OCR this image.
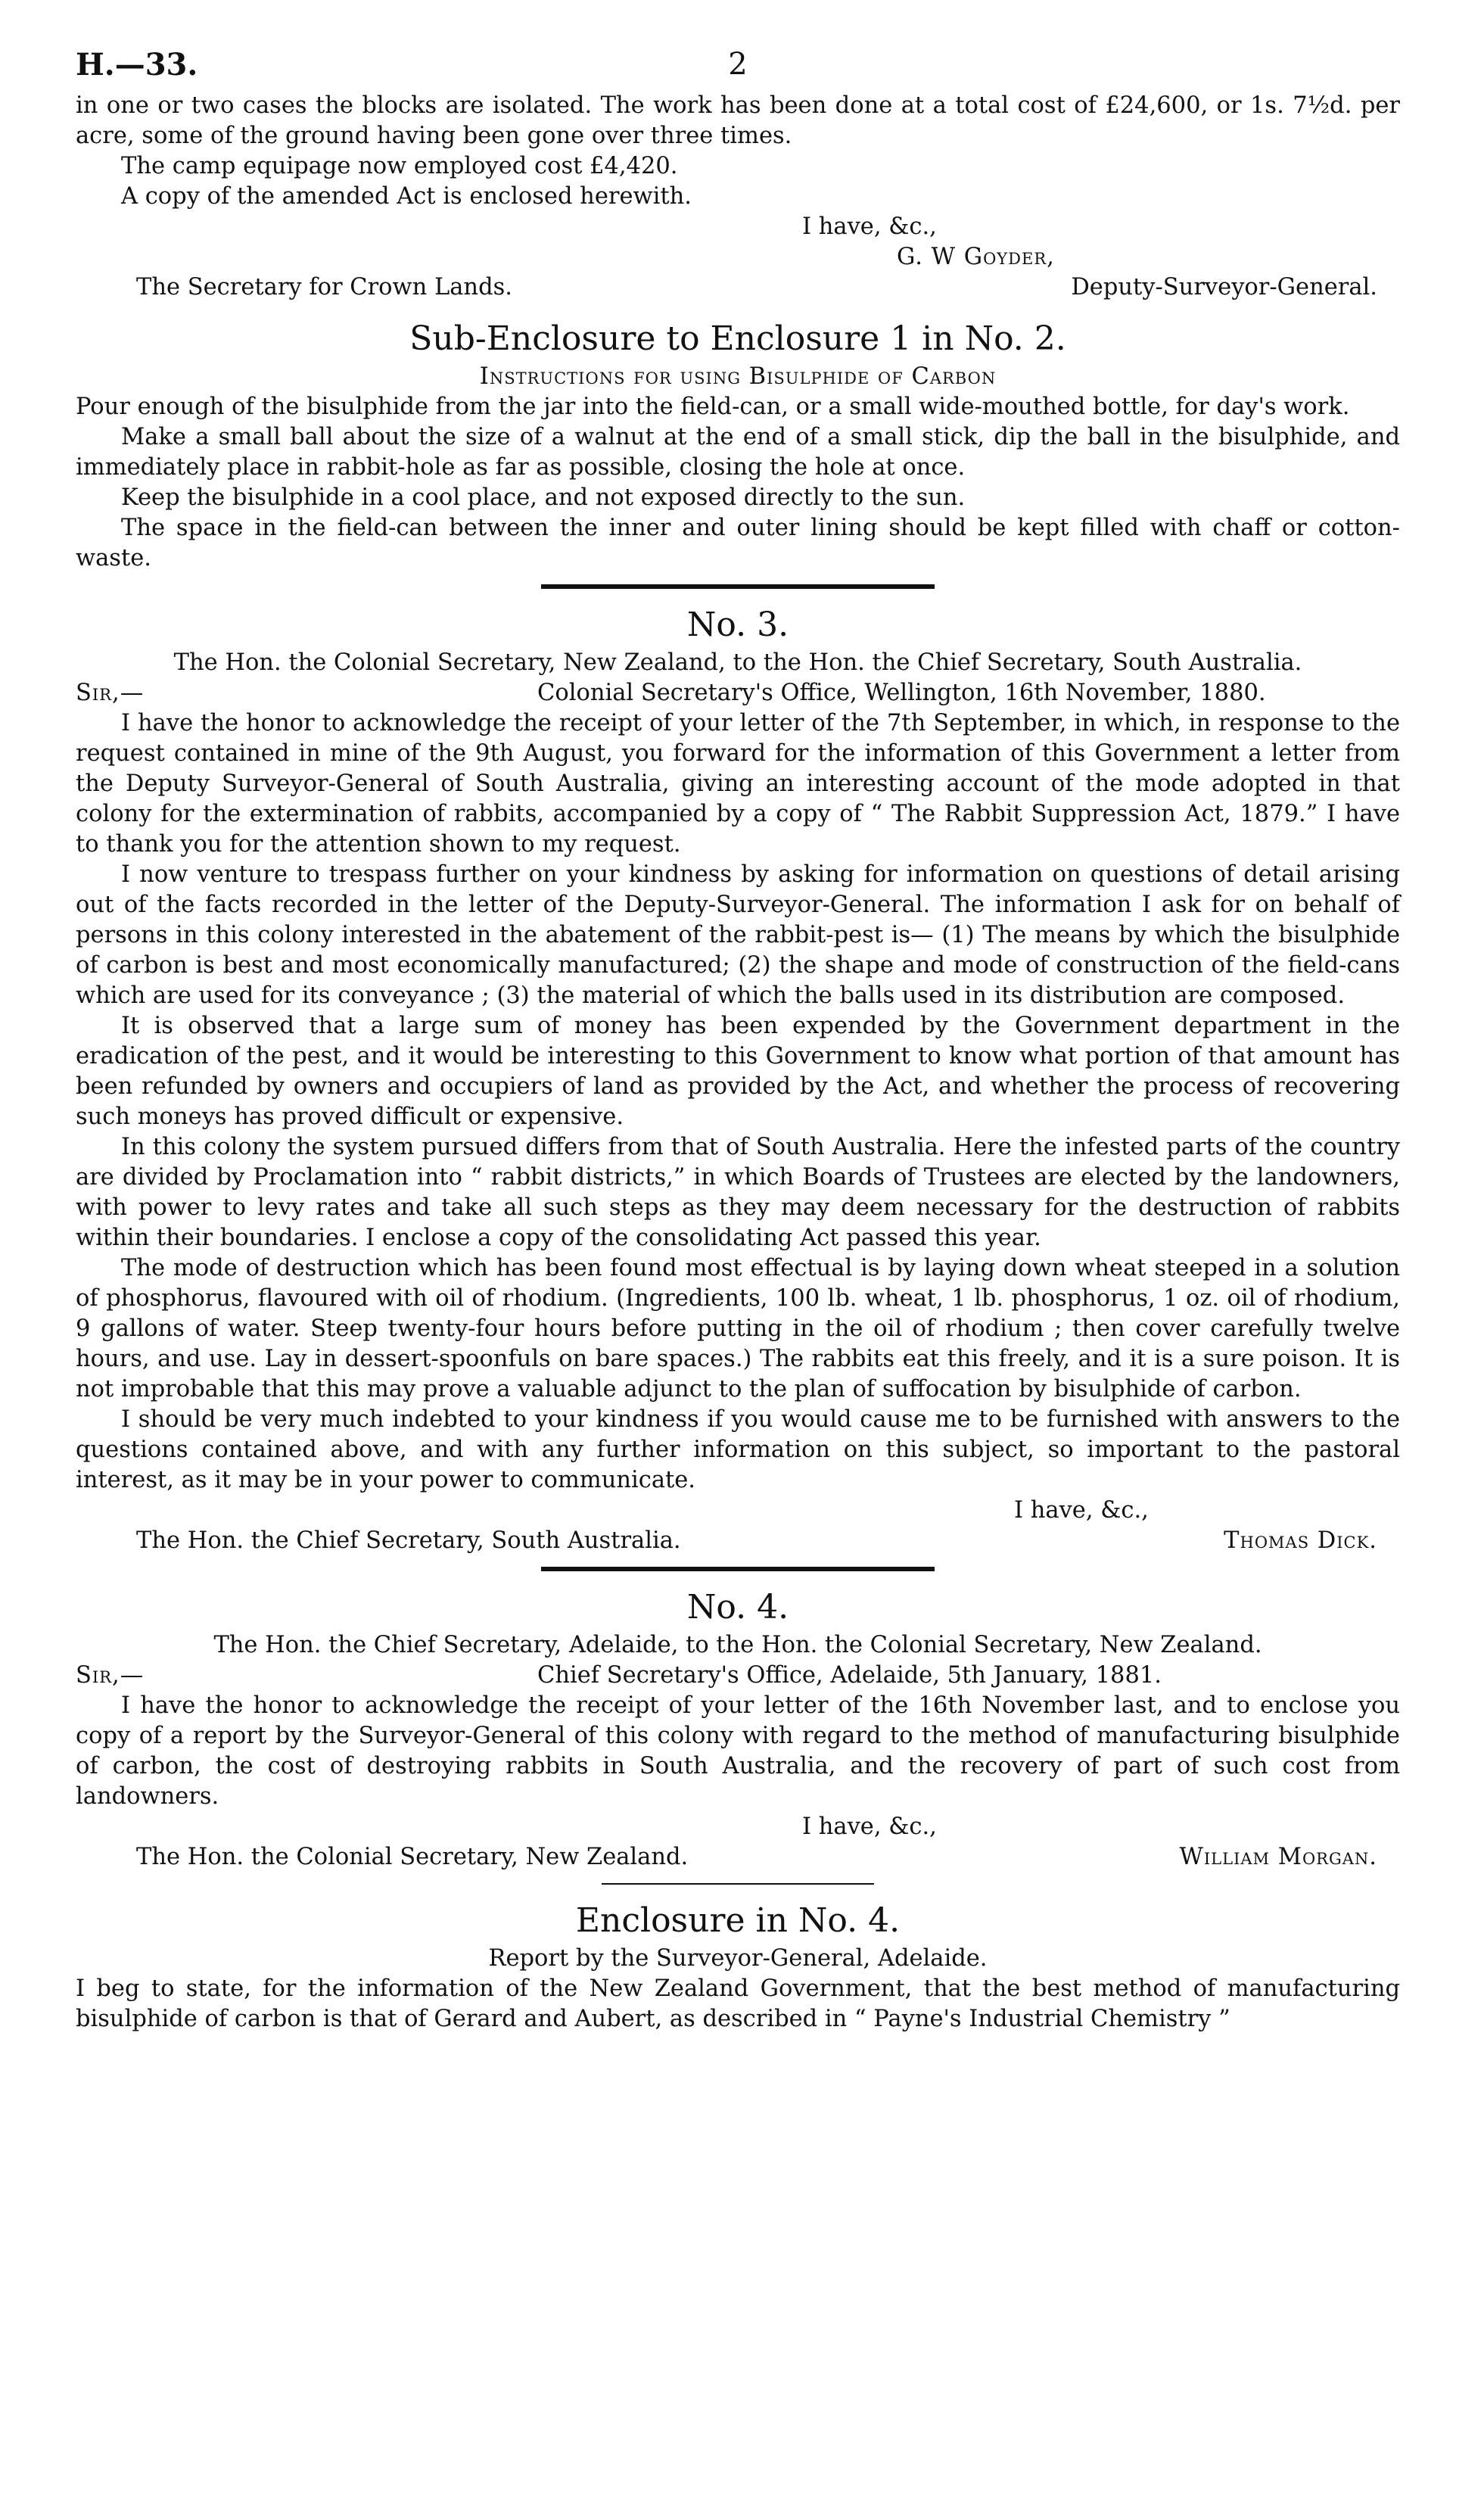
2
H.—33.

in one or two cases the blocks are isolated. The work has been done at a total cost of £24,600, or 1s. 7½d. per acre, some of the ground having been gone over three times.

The camp equipage now employed cost £4,420.

A copy of the amended Act is enclosed herewith.

I have, &c.,
G. W Goyder,
The Secretary for Crown Lands.	Deputy-Surveyor-General.
Sub-Enclosure to Enclosure 1 in No. 2.
Instructions for using Bisulphide of Carbon

Pour enough of the bisulphide from the jar into the field-can, or a small wide-mouthed bottle, for day's work.

Make a small ball about the size of a walnut at the end of a small stick, dip the ball in the bisulphide, and immediately place in rabbit-hole as far as possible, closing the hole at once.

Keep the bisulphide in a cool place, and not exposed directly to the sun.

The space in the field-can between the inner and outer lining should be kept filled with chaff or cotton-waste.

No. 3.
The Hon. the Colonial Secretary, New Zealand, to the Hon. the Chief Secretary, South Australia.
Sir,—	Colonial Secretary's Office, Wellington, 16th November, 1880.

I have the honor to acknowledge the receipt of your letter of the 7th September, in which, in response to the request contained in mine of the 9th August, you forward for the information of this Government a letter from the Deputy Surveyor-General of South Australia, giving an interesting account of the mode adopted in that colony for the extermination of rabbits, accompanied by a copy of “ The Rabbit Suppression Act, 1879.” I have to thank you for the attention shown to my request.

I now venture to trespass further on your kindness by asking for information on questions of detail arising out of the facts recorded in the letter of the Deputy-Surveyor-General. The information I ask for on behalf of persons in this colony interested in the abatement of the rabbit-pest is— (1) The means by which the bisulphide of carbon is best and most economically manufactured; (2) the shape and mode of construction of the field-cans which are used for its conveyance ; (3) the material of which the balls used in its distribution are composed.

It is observed that a large sum of money has been expended by the Government department in the eradication of the pest, and it would be interesting to this Government to know what portion of that amount has been refunded by owners and occupiers of land as provided by the Act, and whether the process of recovering such moneys has proved difficult or expensive.

In this colony the system pursued differs from that of South Australia. Here the infested parts of the country are divided by Proclamation into “ rabbit districts,” in which Boards of Trustees are elected by the landowners, with power to levy rates and take all such steps as they may deem necessary for the destruction of rabbits within their boundaries. I enclose a copy of the consolidating Act passed this year.

The mode of destruction which has been found most effectual is by laying down wheat steeped in a solution of phosphorus, flavoured with oil of rhodium. (Ingredients, 100 lb. wheat, 1 lb. phosphorus, 1 oz. oil of rhodium, 9 gallons of water. Steep twenty-four hours before putting in the oil of rhodium ; then cover carefully twelve hours, and use. Lay in dessert-spoonfuls on bare spaces.) The rabbits eat this freely, and it is a sure poison. It is not improbable that this may prove a valuable adjunct to the plan of suffocation by bisulphide of carbon.

I should be very much indebted to your kindness if you would cause me to be furnished with answers to the questions contained above, and with any further information on this subject, so important to the pastoral interest, as it may be in your power to communicate.

I have, &c.,
The Hon. the Chief Secretary, South Australia.	Thomas Dick.
No. 4.
The Hon. the Chief Secretary, Adelaide, to the Hon. the Colonial Secretary, New Zealand.
Sir,—	Chief Secretary's Office, Adelaide, 5th January, 1881.

I have the honor to acknowledge the receipt of your letter of the 16th November last, and to enclose you copy of a report by the Surveyor-General of this colony with regard to the method of manufacturing bisulphide of carbon, the cost of destroying rabbits in South Australia, and the recovery of part of such cost from landowners.

I have, &c.,
The Hon. the Colonial Secretary, New Zealand.	William Morgan.
Enclosure in No. 4.
Report by the Surveyor-General, Adelaide.

I beg to state, for the information of the New Zealand Government, that the best method of manufacturing bisulphide of carbon is that of Gerard and Aubert, as described in “ Payne's Industrial Chemistry ”
